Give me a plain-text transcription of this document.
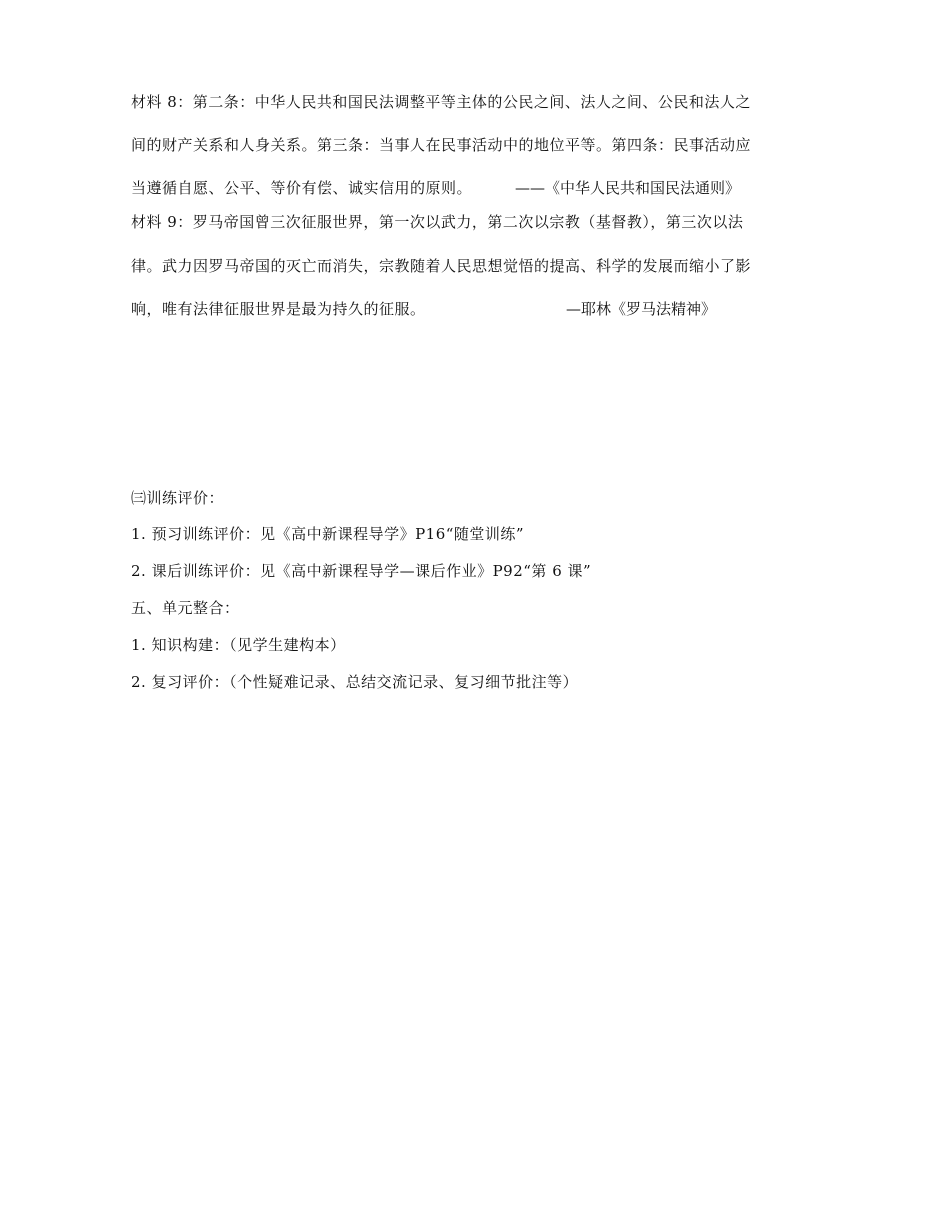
材料 8：第二条：中华人民共和国民法调整平等主体的公民之间、法人之间、公民和法人之
间的财产关系和人身关系。第三条：当事人在民事活动中的地位平等。第四条：民事活动应
当遵循自愿、公平、等价有偿、诚实信用的原则。	——《中华人民共和国民法通则》
材料 9：罗马帝国曾三次征服世界，第一次以武力，第二次以宗教（基督教），第三次以法
律。武力因罗马帝国的灭亡而消失，宗教随着人民思想觉悟的提高、科学的发展而缩小了影
响，唯有法律征服世界是最为持久的征服。	—耶林《罗马法精神》
㈢训练评价：
1. 预习训练评价：见《高中新课程导学》P16“随堂训练”
2. 课后训练评价：见《高中新课程导学—课后作业》P92“第 6 课”
五、单元整合：
1. 知识构建：（见学生建构本）
2. 复习评价：（个性疑难记录、总结交流记录、复习细节批注等）
